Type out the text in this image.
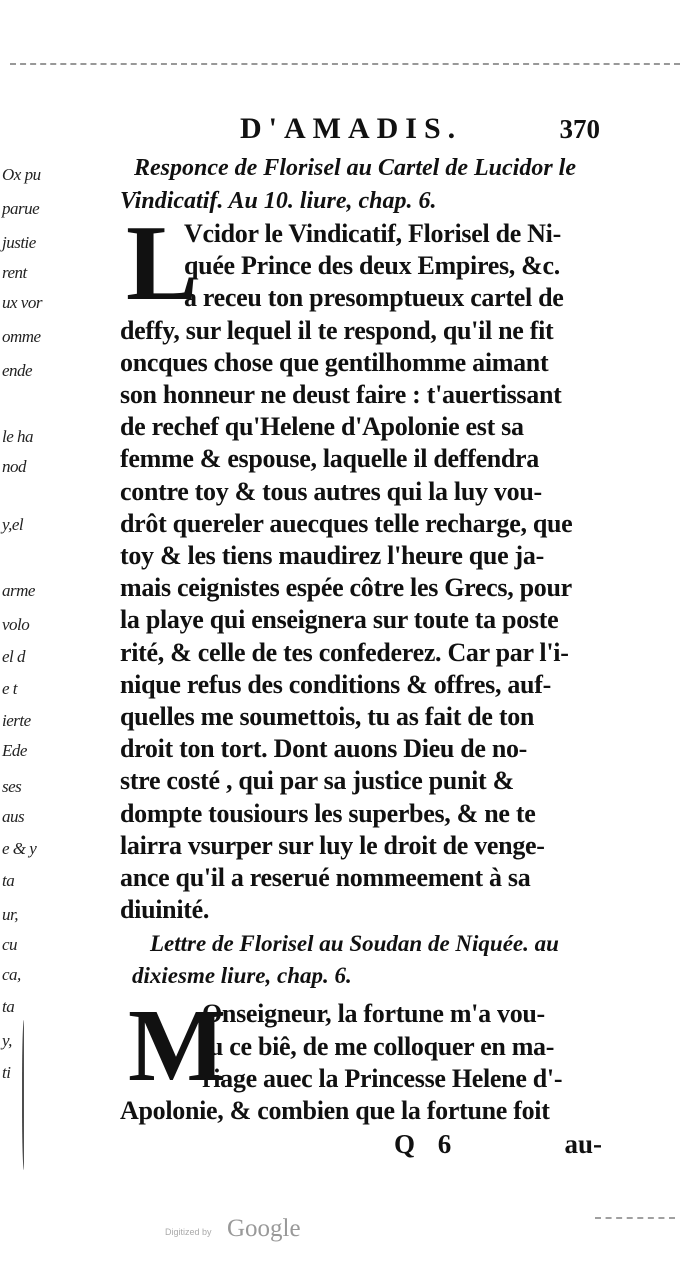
Ox pu
parue
justie
rent
ux vor
omme
ende
le ha
nod
y,el
arme
volo
el d
e t
ierte
Ede
ses
aus
e & y
ta
ur,
cu
ca,
ta
y,
ti
D'AMADIS.	370

Responce de Florisel au Cartel de Lucidor le

Vindicatif. Au 10. liure, chap. 6.

L
Vcidor le Vindicatif, Florisel de Ni-
quée Prince des deux Empires, &c.
a receu ton presomptueux cartel de
deffy, sur lequel il te respond, qu'il ne fit
oncques chose que gentilhomme aimant
son honneur ne deust faire : t'auertissant
de rechef qu'Helene d'Apolonie est sa
femme & espouse, laquelle il deffendra
contre toy & tous autres qui la luy vou-
drôt quereler auecques telle recharge, que
toy & les tiens maudirez l'heure que ja-
mais ceignistes espée côtre les Grecs, pour
la playe qui enseignera sur toute ta poste
rité, & celle de tes confederez. Car par l'i-
nique refus des conditions & offres, auf-
quelles me soumettois, tu as fait de ton
droit ton tort. Dont auons Dieu de no-
stre costé , qui par sa justice punit &
dompte tousiours les superbes, & ne te
lairra vsurper sur luy le droit de venge-
ance qu'il a reserué nommeement à sa
diuinité.

Lettre de Florisel au Soudan de Niquée. au

dixiesme liure, chap. 6.

M
Onseigneur, la fortune m'a vou-
lu ce biê, de me colloquer en ma-
riage auec la Princesse Helene d'-
Apolonie, & combien que la fortune foit
Q 6	au-
Digitized by Google
